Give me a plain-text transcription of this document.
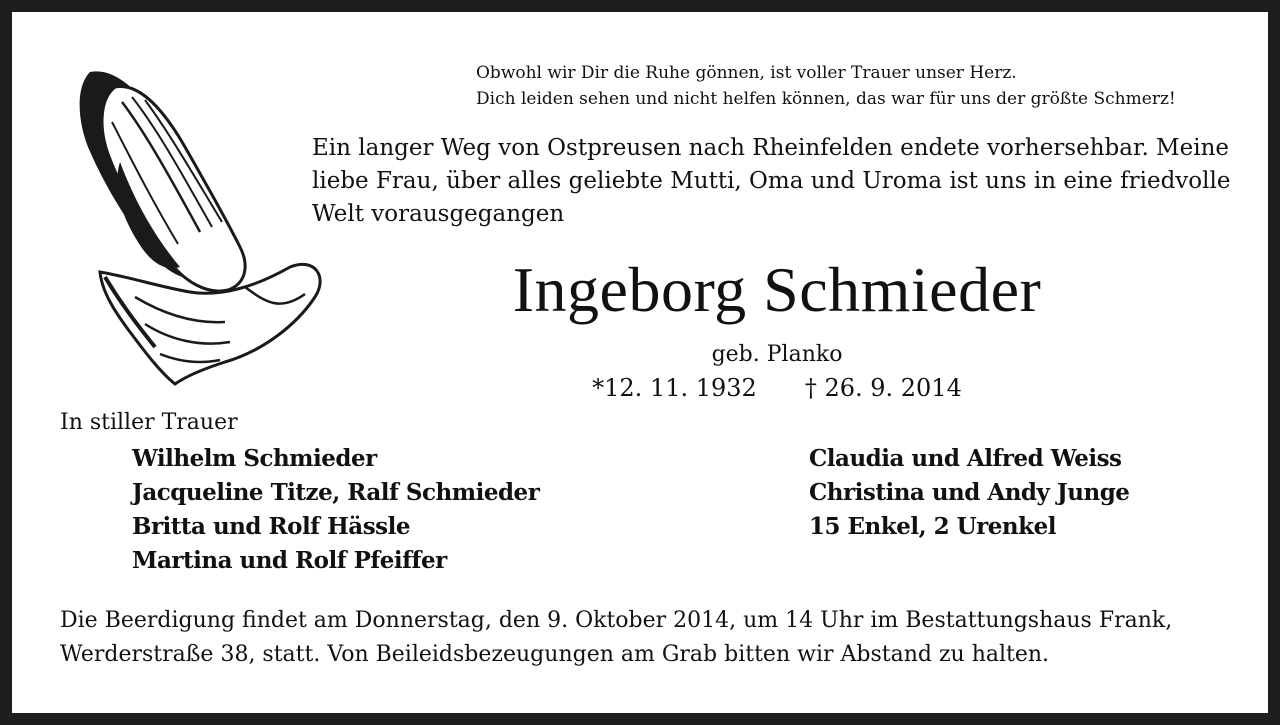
Obwohl wir Dir die Ruhe gönnen, ist voller Trauer unser Herz.
Dich leiden sehen und nicht helfen können, das war für uns der größte Schmerz!
Ein langer Weg von Ostpreusen nach Rheinfelden endete vorhersehbar. Meine
liebe Frau, über alles geliebte Mutti, Oma und Uroma ist uns in eine friedvolle
Welt vorausgegangen
Ingeborg Schmieder
geb. Planko
*12. 11. 1932 † 26. 9. 2014
In stiller Trauer
Wilhelm Schmieder
Jacqueline Titze, Ralf Schmieder
Britta und Rolf Hässle
Martina und Rolf Pfeiffer
Claudia und Alfred Weiss
Christina und Andy Junge
15 Enkel, 2 Urenkel
Die Beerdigung findet am Donnerstag, den 9. Oktober 2014, um 14 Uhr im Bestattungshaus Frank,
Werderstraße 38, statt. Von Beileidsbezeugungen am Grab bitten wir Abstand zu halten.
